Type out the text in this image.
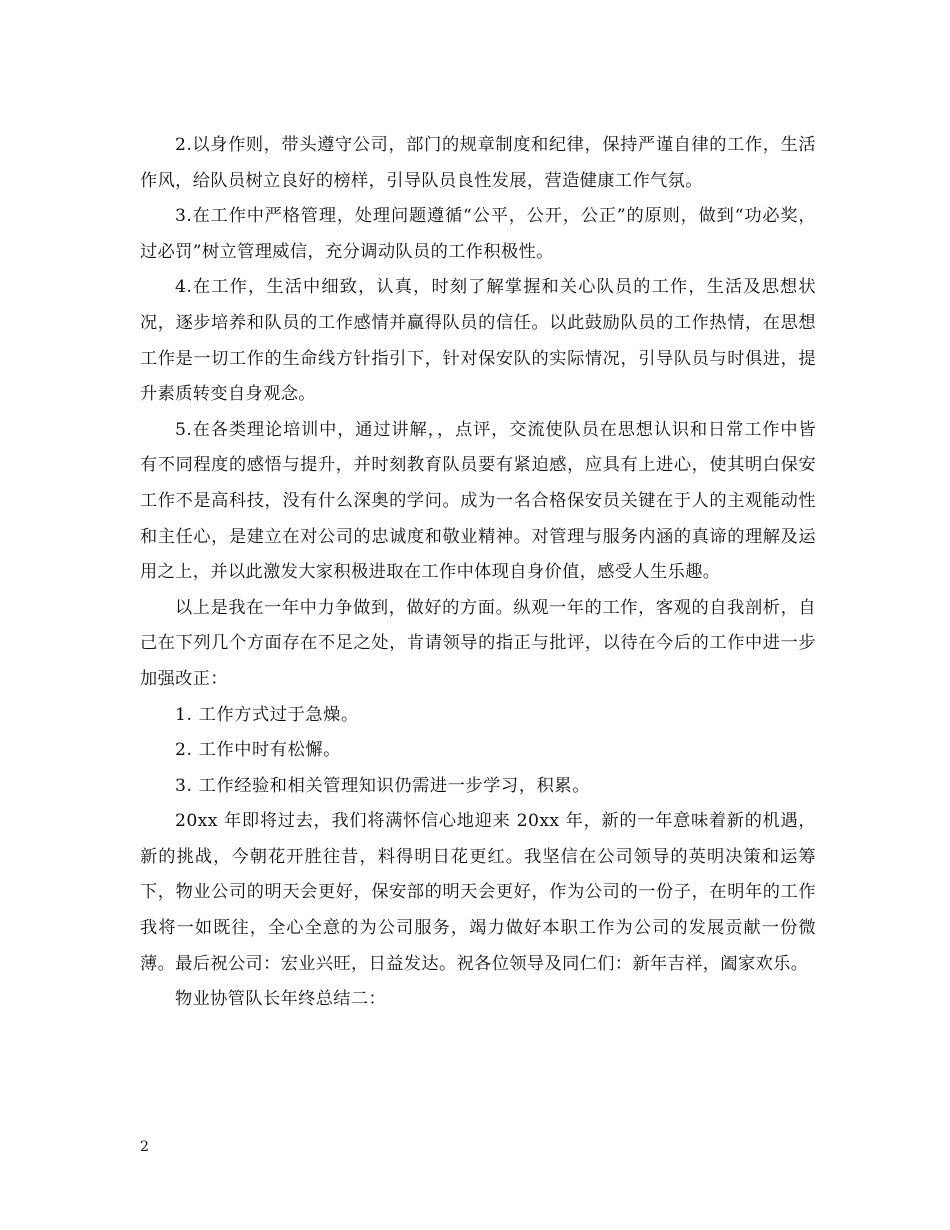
2.以身作则，带头遵守公司，部门的规章制度和纪律，保持严谨自律的工作，生活作风，给队员树立良好的榜样，引导队员良性发展，营造健康工作气氛。

3.在工作中严格管理，处理问题遵循“公平，公开，公正”的原则，做到“功必奖，过必罚”树立管理威信，充分调动队员的工作积极性。

4.在工作，生活中细致，认真，时刻了解掌握和关心队员的工作，生活及思想状况，逐步培养和队员的工作感情并赢得队员的信任。以此鼓励队员的工作热情，在思想工作是一切工作的生命线方针指引下，针对保安队的实际情况，引导队员与时俱进，提升素质转变自身观念。

5.在各类理论培训中，通过讲解，，点评，交流使队员在思想认识和日常工作中皆有不同程度的感悟与提升，并时刻教育队员要有紧迫感，应具有上进心，使其明白保安工作不是高科技，没有什么深奥的学问。成为一名合格保安员关键在于人的主观能动性和主任心，是建立在对公司的忠诚度和敬业精神。对管理与服务内涵的真谛的理解及运用之上，并以此激发大家积极进取在工作中体现自身价值，感受人生乐趣。

以上是我在一年中力争做到，做好的方面。纵观一年的工作，客观的自我剖析，自己在下列几个方面存在不足之处，肯请领导的指正与批评，以待在今后的工作中进一步加强改正：

1. 工作方式过于急燥。

2. 工作中时有松懈。

3. 工作经验和相关管理知识仍需进一步学习，积累。

20xx 年即将过去，我们将满怀信心地迎来 20xx 年，新的一年意味着新的机遇，新的挑战，今朝花开胜往昔，料得明日花更红。我坚信在公司领导的英明决策和运筹下，物业公司的明天会更好，保安部的明天会更好，作为公司的一份子，在明年的工作我将一如既往，全心全意的为公司服务，竭力做好本职工作为公司的发展贡献一份微薄。最后祝公司：宏业兴旺，日益发达。祝各位领导及同仁们：新年吉祥，阖家欢乐。

物业协管队长年终总结二：

2
